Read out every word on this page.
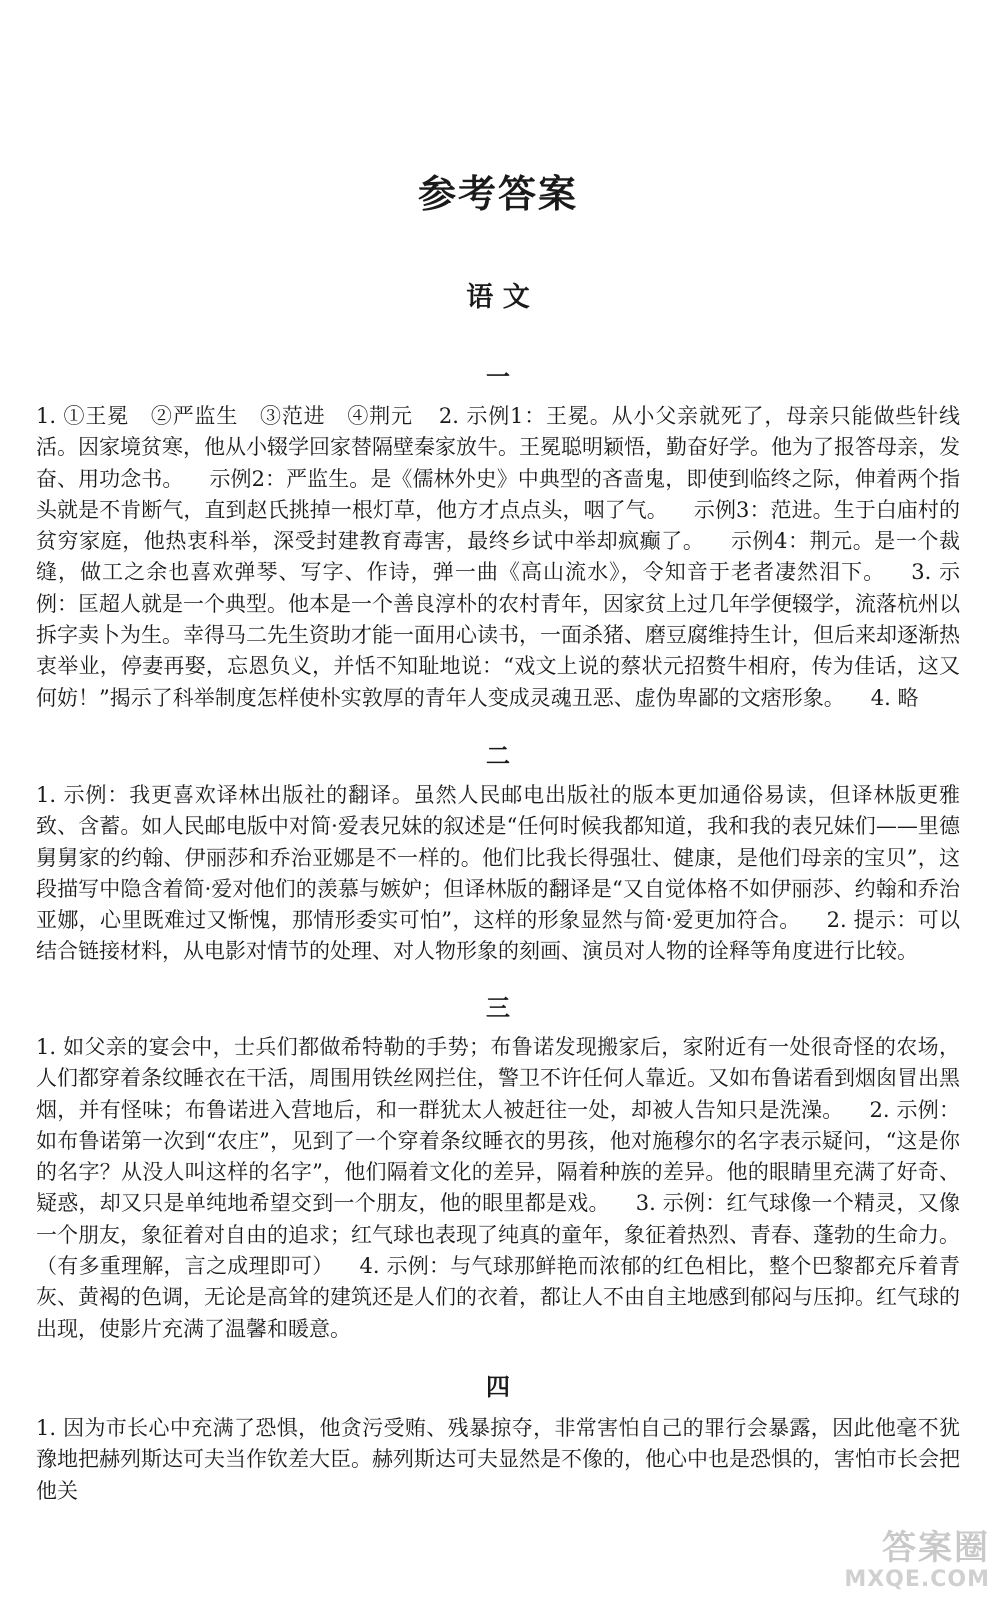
参考答案
语 文
一

1. ①王冕　②严监生　③范进　④荆元 2. 示例1：王冕。从小父亲就死了，母亲只能做些针线活。因家境贫寒，他从小辍学回家替隔壁秦家放牛。王冕聪明颖悟，勤奋好学。他为了报答母亲，发奋、用功念书。 示例2：严监生。是《儒林外史》中典型的吝啬鬼，即使到临终之际，伸着两个指头就是不肯断气，直到赵氏挑掉一根灯草，他方才点点头，咽了气。 示例3：范进。生于白庙村的贫穷家庭，他热衷科举，深受封建教育毒害，最终乡试中举却疯癫了。 示例4：荆元。是一个裁缝，做工之余也喜欢弹琴、写字、作诗，弹一曲《高山流水》，令知音于老者凄然泪下。 3. 示例：匡超人就是一个典型。他本是一个善良淳朴的农村青年，因家贫上过几年学便辍学，流落杭州以拆字卖卜为生。幸得马二先生资助才能一面用心读书，一面杀猪、磨豆腐维持生计，但后来却逐渐热衷举业，停妻再娶，忘恩负义，并恬不知耻地说：“戏文上说的蔡状元招赘牛相府，传为佳话，这又何妨！”揭示了科举制度怎样使朴实敦厚的青年人变成灵魂丑恶、虚伪卑鄙的文痞形象。 4. 略

二

1. 示例：我更喜欢译林出版社的翻译。虽然人民邮电出版社的版本更加通俗易读，但译林版更雅致、含蓄。如人民邮电版中对简·爱表兄妹的叙述是“任何时候我都知道，我和我的表兄妹们——里德舅舅家的约翰、伊丽莎和乔治亚娜是不一样的。他们比我长得强壮、健康，是他们母亲的宝贝”，这段描写中隐含着简·爱对他们的羡慕与嫉妒；但译林版的翻译是“又自觉体格不如伊丽莎、约翰和乔治亚娜，心里既难过又惭愧，那情形委实可怕”，这样的形象显然与简·爱更加符合。 2. 提示：可以结合链接材料，从电影对情节的处理、对人物形象的刻画、演员对人物的诠释等角度进行比较。

三

1. 如父亲的宴会中，士兵们都做希特勒的手势；布鲁诺发现搬家后，家附近有一处很奇怪的农场，人们都穿着条纹睡衣在干活，周围用铁丝网拦住，警卫不许任何人靠近。又如布鲁诺看到烟囱冒出黑烟，并有怪味；布鲁诺进入营地后，和一群犹太人被赶往一处，却被人告知只是洗澡。 2. 示例：如布鲁诺第一次到“农庄”，见到了一个穿着条纹睡衣的男孩，他对施穆尔的名字表示疑问，“这是你的名字？从没人叫这样的名字”，他们隔着文化的差异，隔着种族的差异。他的眼睛里充满了好奇、疑惑，却又只是单纯地希望交到一个朋友，他的眼里都是戏。 3. 示例：红气球像一个精灵，又像一个朋友，象征着对自由的追求；红气球也表现了纯真的童年，象征着热烈、青春、蓬勃的生命力。（有多重理解，言之成理即可） 4. 示例：与气球那鲜艳而浓郁的红色相比，整个巴黎都充斥着青灰、黄褐的色调，无论是高耸的建筑还是人们的衣着，都让人不由自主地感到郁闷与压抑。红气球的出现，使影片充满了温馨和暖意。

四

1. 因为市长心中充满了恐惧，他贪污受贿、残暴掠夺，非常害怕自己的罪行会暴露，因此他毫不犹豫地把赫列斯达可夫当作钦差大臣。赫列斯达可夫显然是不像的，他心中也是恐惧的，害怕市长会把他关

答案圈
MXQE.COM
